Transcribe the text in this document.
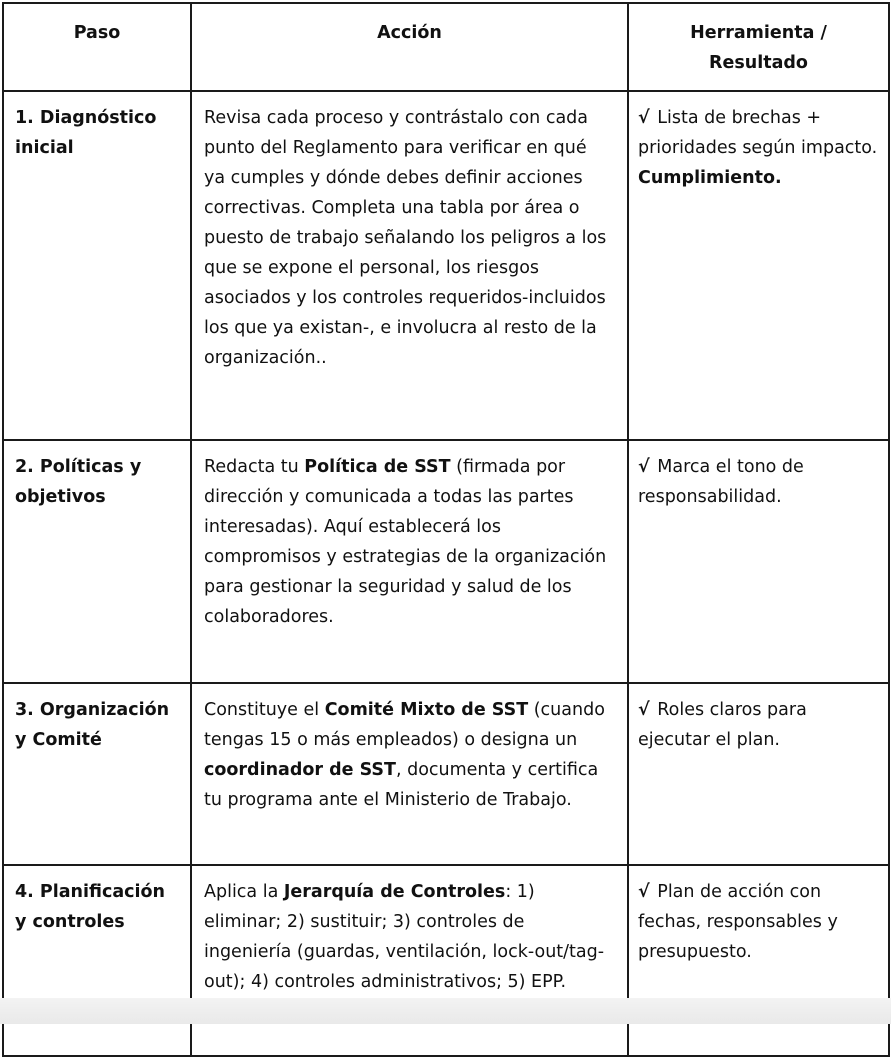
Paso	Acción	Herramienta /
Resultado
1. Diagnóstico inicial	Revisa cada proceso y contrástalo con cada punto del Reglamento para verificar en qué ya cumples y dónde debes definir acciones correctivas. Completa una tabla por área o puesto de trabajo señalando los peligros a los que se expone el personal, los riesgos asociados y los controles requeridos-incluidos los que ya existan-, e involucra al resto de la organización..	√ Lista de brechas + prioridades según impacto.
Cumplimiento.
2. Políticas y objetivos	Redacta tu Política de SST (firmada por dirección y comunicada a todas las partes interesadas). Aquí establecerá los compromisos y estrategias de la organización para gestionar la seguridad y salud de los colaboradores.	√ Marca el tono de responsabilidad.
3. Organización y Comité	Constituye el Comité Mixto de SST (cuando tengas 15 o más empleados) o designa un coordinador de SST, documenta y certifica tu programa ante el Ministerio de Trabajo.	√ Roles claros para ejecutar el plan.
4. Planificación y controles	Aplica la Jerarquía de Controles: 1) eliminar; 2) sustituir; 3) controles de ingeniería (guardas, ventilación, lock-out/tag-out); 4) controles administrativos; 5) EPP.	√ Plan de acción con fechas, responsables y presupuesto.
